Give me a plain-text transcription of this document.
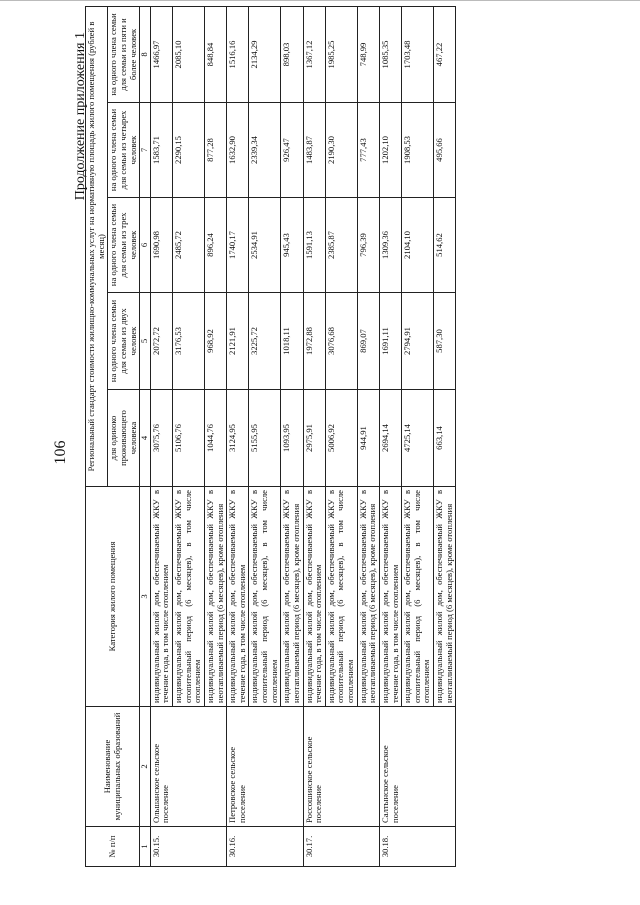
106
Продолжение приложения 1
№ п/п	Наименование муниципальных образований	Категория жилого помещения	Региональный стандарт стоимости жилищно-коммунальных услуг на нормативную площадь жилого помещения (рублей в месяц)				
			для одиноко проживающего человека	на одного члена семьи для семьи из двух человек	на одного члена семьи для семьи из трех человек	на одного члена семьи для семьи из четырех человек	на одного члена семьи для семьи из пяти и более человек
1	2	3	4	5	6	7	8
30.15.	Ольшанское сельское поселение	индивидуальный жилой дом, обеспечиваемый ЖКУ в течение года, в том числе отоплением	3075,76	2072,72	1690,98	1583,71	1466,97
		индивидуальный жилой дом, обеспечиваемый ЖКУ в отопительный период (6 месяцев), в том числе отоплением	5106,76	3176,53	2485,72	2290,15	2085,10
		индивидуальный жилой дом, обеспечиваемый ЖКУ в неотапливаемый период (6 месяцев), кроме отопления	1044,76	968,92	896,24	877,28	848,84
30.16.	Петровское сельское поселение	индивидуальный жилой дом, обеспечиваемый ЖКУ в течение года, в том числе отоплением	3124,95	2121,91	1740,17	1632,90	1516,16
		индивидуальный жилой дом, обеспечиваемый ЖКУ в отопительный период (6 месяцев), в том числе отоплением	5155,95	3225,72	2534,91	2339,34	2134,29
		индивидуальный жилой дом, обеспечиваемый ЖКУ в неотапливаемый период (6 месяцев), кроме отопления	1093,95	1018,11	945,43	926,47	898,03
30.17.	Россошинское сельское поселение	индивидуальный жилой дом, обеспечиваемый ЖКУ в течение года, в том числе отоплением	2975,91	1972,88	1591,13	1483,87	1367,12
		индивидуальный жилой дом, обеспечиваемый ЖКУ в отопительный период (6 месяцев), в том числе отоплением	5006,92	3076,68	2385,87	2190,30	1985,25
		индивидуальный жилой дом, обеспечиваемый ЖКУ в неотапливаемый период (6 месяцев), кроме отопления	944,91	869,07	796,39	777,43	748,99
30.18.	Салтынское сельское поселение	индивидуальный жилой дом, обеспечиваемый ЖКУ в течение года, в том числе отоплением	2694,14	1691,11	1309,36	1202,10	1085,35
		индивидуальный жилой дом, обеспечиваемый ЖКУ в отопительный период (6 месяцев), в том числе отоплением	4725,14	2794,91	2104,10	1908,53	1703,48
		индивидуальный жилой дом, обеспечиваемый ЖКУ в неотапливаемый период (6 месяцев), кроме отопления	663,14	587,30	514,62	495,66	467,22
